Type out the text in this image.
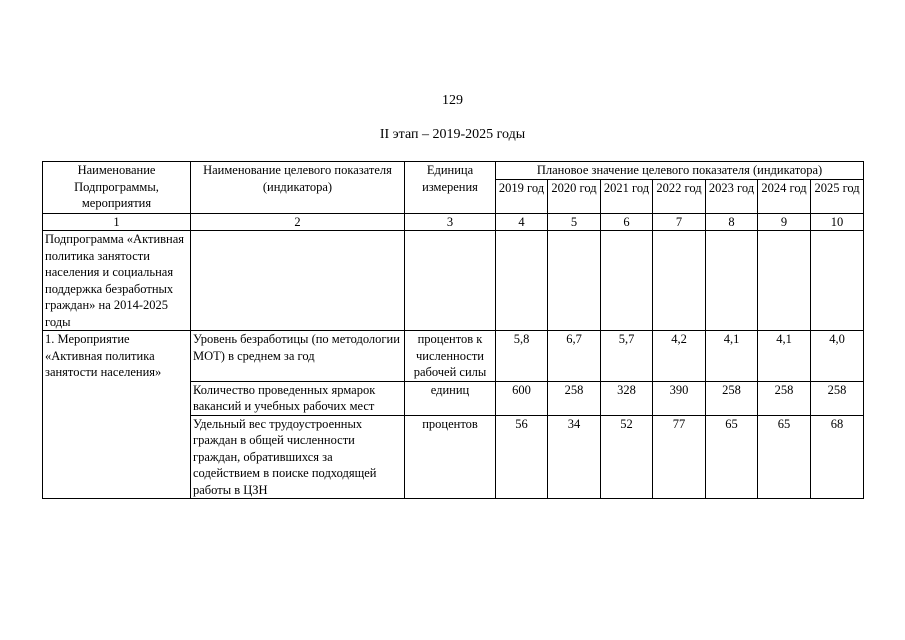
129
II этап – 2019-2025 годы
Наименование Подпрограммы, мероприятия	Наименование целевого показателя (индикатора)	Единица измерения	Плановое значение целевого показателя (индикатора)						
			2019 год	2020 год	2021 год	2022 год	2023 год	2024 год	2025 год
1	2	3	4	5	6	7	8	9	10
Подпрограмма «Активная политика занятости населения и социальная поддержка безработных граждан» на 2014-2025 годы									
1. Мероприятие «Активная политика занятости населения»	Уровень безработицы (по методологии МОТ) в среднем за год	процентов к численности рабочей силы	5,8	6,7	5,7	4,2	4,1	4,1	4,0
	Количество проведенных ярмарок вакансий и учебных рабочих мест	единиц	600	258	328	390	258	258	258
	Удельный вес трудоустроенных граждан в общей численности граждан, обратившихся за содействием в поиске подходящей работы в ЦЗН	процентов	56	34	52	77	65	65	68
